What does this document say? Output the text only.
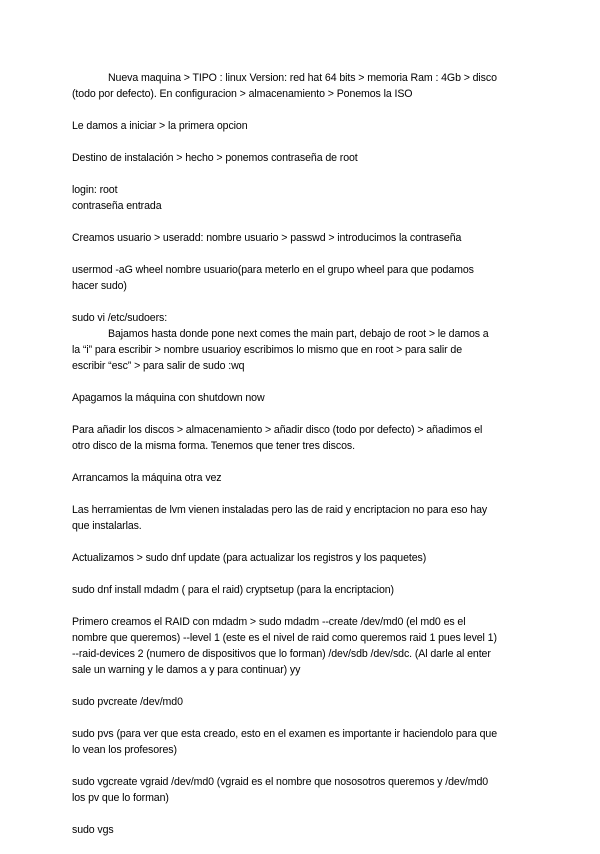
Nueva maquina > TIPO : linux Version: red hat 64 bits > memoria Ram : 4Gb > disco
(todo por defecto). En configuracion > almacenamiento > Ponemos la ISO
Le damos a iniciar > la primera opcion
Destino de instalación > hecho > ponemos contraseña de root
login: root
contraseña entrada
Creamos usuario > useradd: nombre usuario > passwd > introducimos la contraseña
usermod -aG wheel nombre usuario(para meterlo en el grupo wheel para que podamos
hacer sudo)
sudo vi /etc/sudoers:
Bajamos hasta donde pone next comes the main part, debajo de root > le damos a
la “i” para escribir > nombre usuarioy escribimos lo mismo que en root > para salir de
escribir “esc” > para salir de sudo :wq
Apagamos la máquina con shutdown now
Para añadir los discos > almacenamiento > añadir disco (todo por defecto) > añadimos el
otro disco de la misma forma. Tenemos que tener tres discos.
Arrancamos la máquina otra vez
Las herramientas de lvm vienen instaladas pero las de raid y encriptacion no para eso hay
que instalarlas.
Actualizamos > sudo dnf update (para actualizar los registros y los paquetes)
sudo dnf install mdadm ( para el raid) cryptsetup (para la encriptacion)
Primero creamos el RAID con mdadm > sudo mdadm --create /dev/md0 (el md0 es el
nombre que queremos) --level 1 (este es el nivel de raid como queremos raid 1 pues level 1)
--raid-devices 2 (numero de dispositivos que lo forman) /dev/sdb /dev/sdc. (Al darle al enter
sale un warning y le damos a y para continuar) yy
sudo pvcreate /dev/md0
sudo pvs (para ver que esta creado, esto en el examen es importante ir haciendolo para que
lo vean los profesores)
sudo vgcreate vgraid /dev/md0 (vgraid es el nombre que nososotros queremos y /dev/md0
los pv que lo forman)
sudo vgs
